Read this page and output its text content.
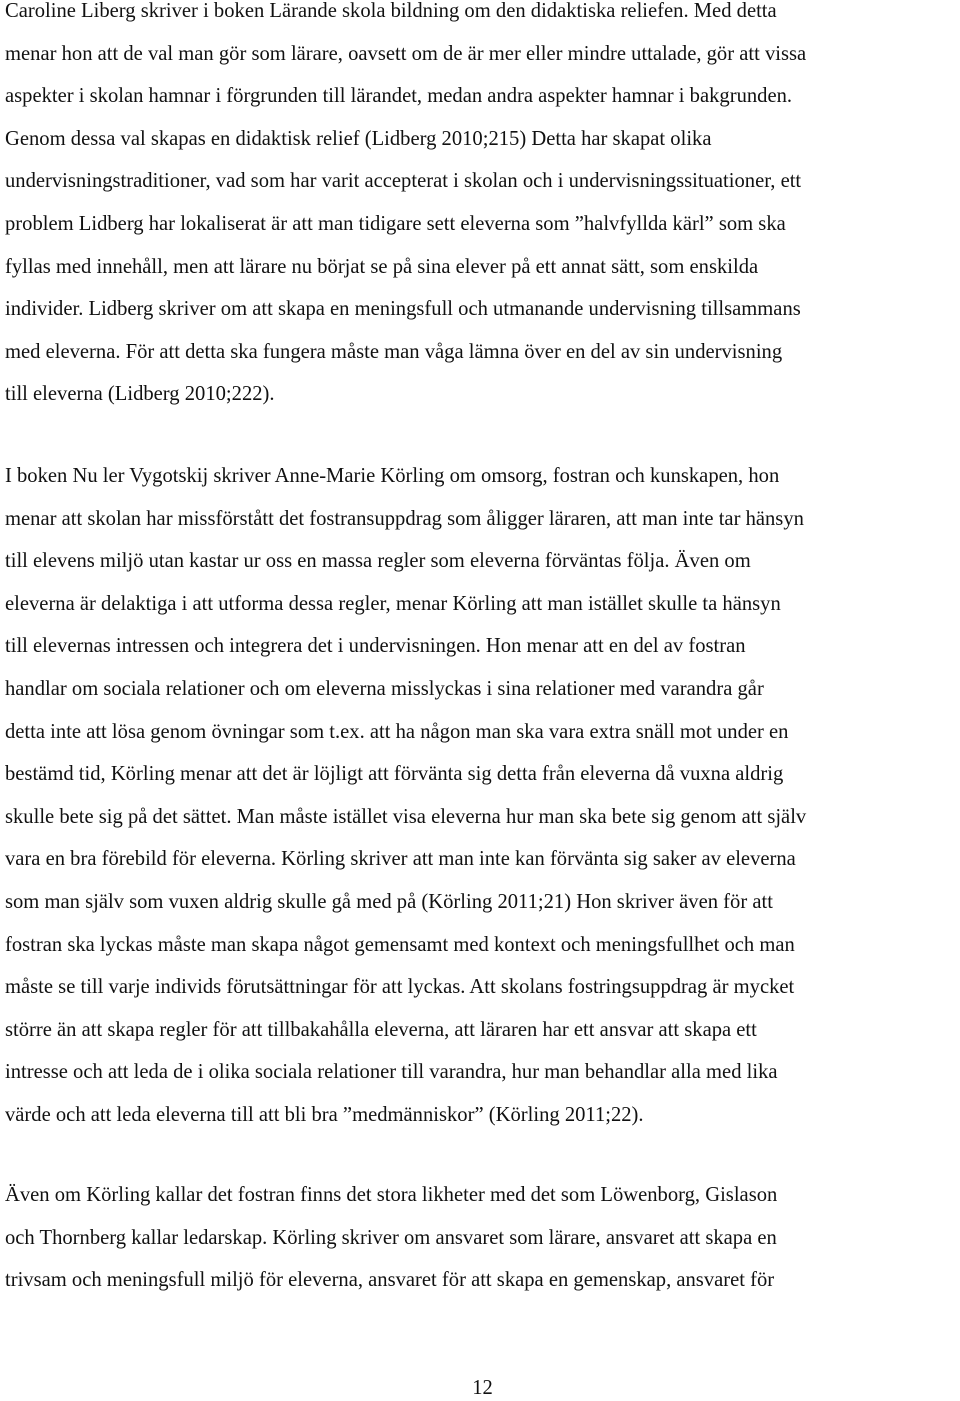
Caroline Liberg skriver i boken Lärande skola bildning om den didaktiska reliefen. Med detta
menar hon att de val man gör som lärare, oavsett om de är mer eller mindre uttalade, gör att vissa
aspekter i skolan hamnar i förgrunden till lärandet, medan andra aspekter hamnar i bakgrunden.
Genom dessa val skapas en didaktisk relief (Lidberg 2010;215) Detta har skapat olika
undervisningstraditioner, vad som har varit accepterat i skolan och i undervisningssituationer, ett
problem Lidberg har lokaliserat är att man tidigare sett eleverna som ”halvfyllda kärl” som ska
fyllas med innehåll, men att lärare nu börjat se på sina elever på ett annat sätt, som enskilda
individer. Lidberg skriver om att skapa en meningsfull och utmanande undervisning tillsammans
med eleverna. För att detta ska fungera måste man våga lämna över en del av sin undervisning
till eleverna (Lidberg 2010;222).
I boken Nu ler Vygotskij skriver Anne-Marie Körling om omsorg, fostran och kunskapen, hon
menar att skolan har missförstått det fostransuppdrag som åligger läraren, att man inte tar hänsyn
till elevens miljö utan kastar ur oss en massa regler som eleverna förväntas följa. Även om
eleverna är delaktiga i att utforma dessa regler, menar Körling att man istället skulle ta hänsyn
till elevernas intressen och integrera det i undervisningen. Hon menar att en del av fostran
handlar om sociala relationer och om eleverna misslyckas i sina relationer med varandra går
detta inte att lösa genom övningar som t.ex. att ha någon man ska vara extra snäll mot under en
bestämd tid, Körling menar att det är löjligt att förvänta sig detta från eleverna då vuxna aldrig
skulle bete sig på det sättet. Man måste istället visa eleverna hur man ska bete sig genom att själv
vara en bra förebild för eleverna. Körling skriver att man inte kan förvänta sig saker av eleverna
som man själv som vuxen aldrig skulle gå med på (Körling 2011;21) Hon skriver även för att
fostran ska lyckas måste man skapa något gemensamt med kontext och meningsfullhet och man
måste se till varje individs förutsättningar för att lyckas. Att skolans fostringsuppdrag är mycket
större än att skapa regler för att tillbakahålla eleverna, att läraren har ett ansvar att skapa ett
intresse och att leda de i olika sociala relationer till varandra, hur man behandlar alla med lika
värde och att leda eleverna till att bli bra ”medmänniskor” (Körling 2011;22).
Även om Körling kallar det fostran finns det stora likheter med det som Löwenborg, Gislason
och Thornberg kallar ledarskap. Körling skriver om ansvaret som lärare, ansvaret att skapa en
trivsam och meningsfull miljö för eleverna, ansvaret för att skapa en gemenskap, ansvaret för
12
